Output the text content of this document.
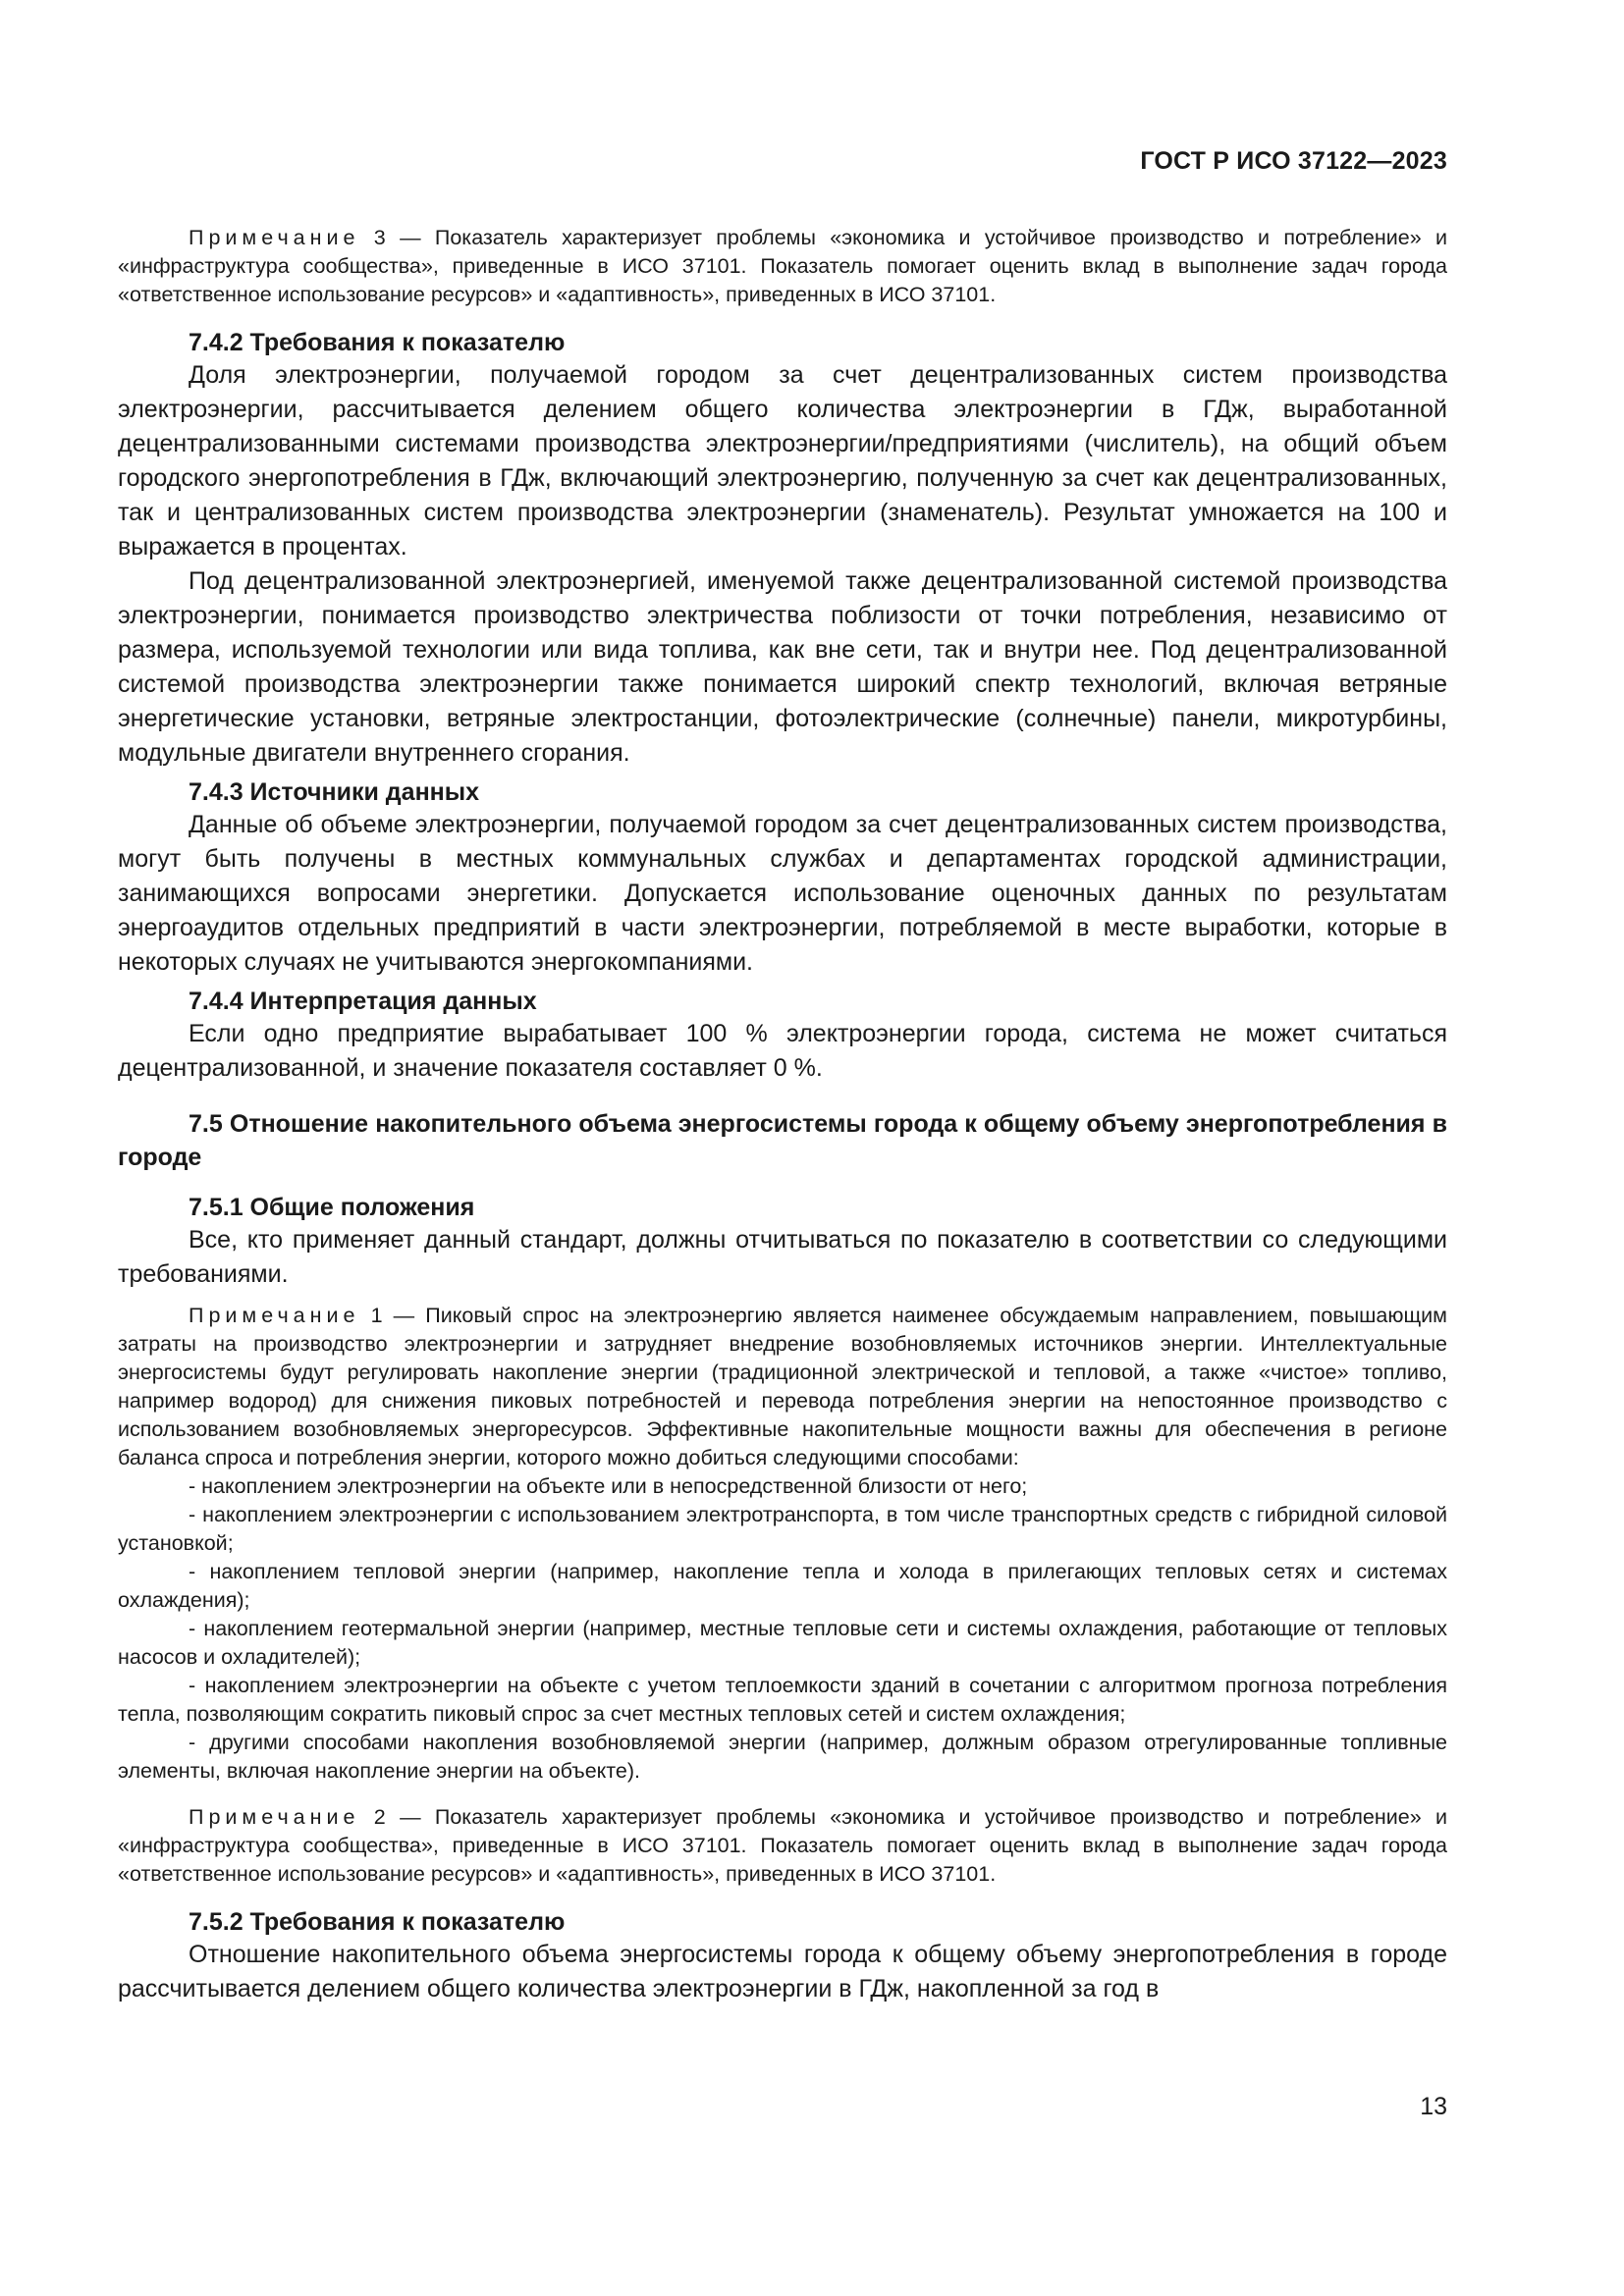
ГОСТ Р ИСО 37122—2023

Примечание 3 — Показатель характеризует проблемы «экономика и устойчивое производство и потребление» и «инфраструктура сообщества», приведенные в ИСО 37101. Показатель помогает оценить вклад в выполнение задач города «ответственное использование ресурсов» и «адаптивность», приведенных в ИСО 37101.

7.4.2 Требования к показателю

Доля электроэнергии, получаемой городом за счет децентрализованных систем производства электроэнергии, рассчитывается делением общего количества электроэнергии в ГДж, выработанной децентрализованными системами производства электроэнергии/предприятиями (числитель), на общий объем городского энергопотребления в ГДж, включающий электроэнергию, полученную за счет как децентрализованных, так и централизованных систем производства электроэнергии (знаменатель). Результат умножается на 100 и выражается в процентах.

Под децентрализованной электроэнергией, именуемой также децентрализованной системой производства электроэнергии, понимается производство электричества поблизости от точки потребления, независимо от размера, используемой технологии или вида топлива, как вне сети, так и внутри нее. Под децентрализованной системой производства электроэнергии также понимается широкий спектр технологий, включая ветряные энергетические установки, ветряные электростанции, фотоэлектрические (солнечные) панели, микротурбины, модульные двигатели внутреннего сгорания.

7.4.3 Источники данных

Данные об объеме электроэнергии, получаемой городом за счет децентрализованных систем производства, могут быть получены в местных коммунальных службах и департаментах городской администрации, занимающихся вопросами энергетики. Допускается использование оценочных данных по результатам энергоаудитов отдельных предприятий в части электроэнергии, потребляемой в месте выработки, которые в некоторых случаях не учитываются энергокомпаниями.

7.4.4 Интерпретация данных

Если одно предприятие вырабатывает 100 % электроэнергии города, система не может считаться децентрализованной, и значение показателя составляет 0 %.

7.5 Отношение накопительного объема энергосистемы города к общему объему энергопотребления в городе
7.5.1 Общие положения

Все, кто применяет данный стандарт, должны отчитываться по показателю в соответствии со следующими требованиями.

Примечание 1 — Пиковый спрос на электроэнергию является наименее обсуждаемым направлением, повышающим затраты на производство электроэнергии и затрудняет внедрение возобновляемых источников энергии. Интеллектуальные энергосистемы будут регулировать накопление энергии (традиционной электрической и тепловой, а также «чистое» топливо, например водород) для снижения пиковых потребностей и перевода потребления энергии на непостоянное производство с использованием возобновляемых энергоресурсов. Эффективные накопительные мощности важны для обеспечения в регионе баланса спроса и потребления энергии, которого можно добиться следующими способами:

- накоплением электроэнергии на объекте или в непосредственной близости от него;

- накоплением электроэнергии с использованием электротранспорта, в том числе транспортных средств с гибридной силовой установкой;

- накоплением тепловой энергии (например, накопление тепла и холода в прилегающих тепловых сетях и системах охлаждения);

- накоплением геотермальной энергии (например, местные тепловые сети и системы охлаждения, работающие от тепловых насосов и охладителей);

- накоплением электроэнергии на объекте с учетом теплоемкости зданий в сочетании с алгоритмом прогноза потребления тепла, позволяющим сократить пиковый спрос за счет местных тепловых сетей и систем охлаждения;

- другими способами накопления возобновляемой энергии (например, должным образом отрегулированные топливные элементы, включая накопление энергии на объекте).

Примечание 2 — Показатель характеризует проблемы «экономика и устойчивое производство и потребление» и «инфраструктура сообщества», приведенные в ИСО 37101. Показатель помогает оценить вклад в выполнение задач города «ответственное использование ресурсов» и «адаптивность», приведенных в ИСО 37101.

7.5.2 Требования к показателю

Отношение накопительного объема энергосистемы города к общему объему энергопотребления в городе рассчитывается делением общего количества электроэнергии в ГДж, накопленной за год в

13
